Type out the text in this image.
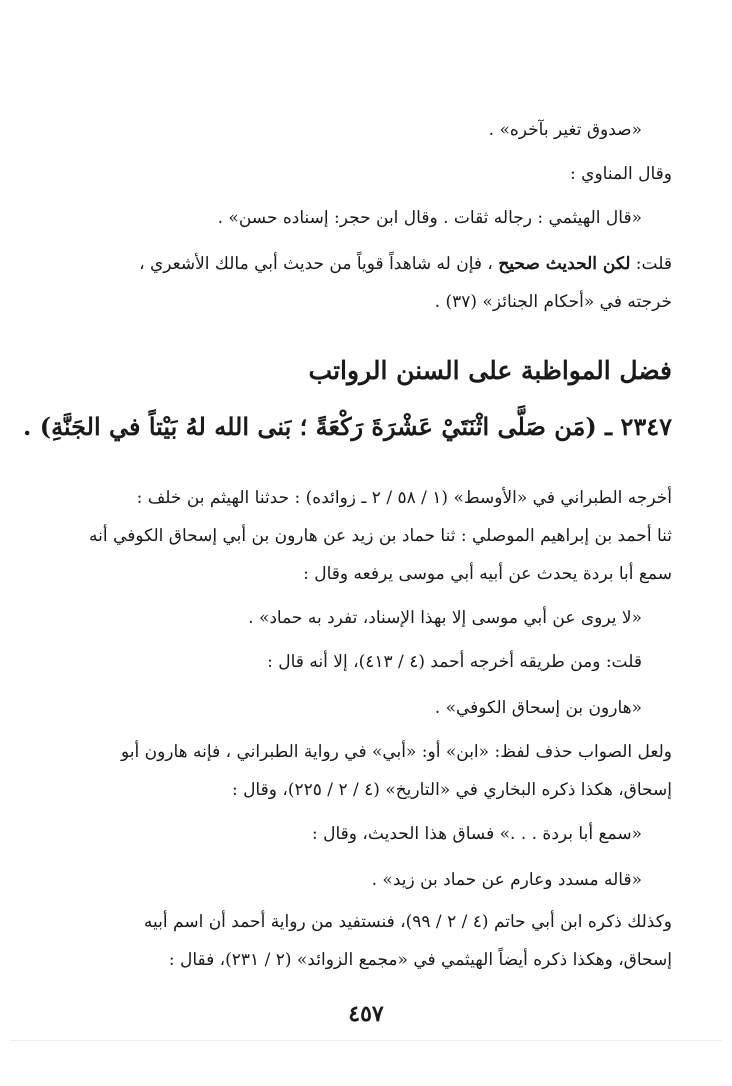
«صدوق تغير بآخره» .
وقال المناوي :
«قال الهيثمي : رجاله ثقات . وقال ابن حجر: إسناده حسن» .
قلت: لكن الحديث صحيح ، فإن له شاهداً قوياً من حديث أبي مالك الأشعري ،
خرجته في «أحكام الجنائز» (٣٧) .
فضل المواظبة على السنن الرواتب
٢٣٤٧ ـ (مَن صَلَّى اثْنَتَيْ عَشْرَةَ رَكْعَةً ؛ بَنى الله لهُ بَيْتاً في الجَنَّةِ) .
أخرجه الطبراني في «الأوسط» (١ / ٥٨ / ٢ ـ زوائده) : حدثنا الهيثم بن خلف :
ثنا أحمد بن إبراهيم الموصلي : ثنا حماد بن زيد عن هارون بن أبي إسحاق الكوفي أنه
سمع أبا بردة يحدث عن أبيه أبي موسى يرفعه وقال :
«لا يروى عن أبي موسى إلا بهذا الإسناد، تفرد به حماد» .
قلت: ومن طريقه أخرجه أحمد (٤ / ٤١٣)، إلا أنه قال :
«هارون بن إسحاق الكوفي» .
ولعل الصواب حذف لفظ: «ابن» أو: «أبي» في رواية الطبراني ، فإنه هارون أبو
إسحاق، هكذا ذكره البخاري في «التاريخ» (٤ / ٢ / ٢٢٥)، وقال :
«سمع أبا بردة . . .» فساق هذا الحديث، وقال :
«قاله مسدد وعارم عن حماد بن زيد» .
وكذلك ذكره ابن أبي حاتم (٤ / ٢ / ٩٩)، فنستفيد من رواية أحمد أن اسم أبيه
إسحاق، وهكذا ذكره أيضاً الهيثمي في «مجمع الزوائد» (٢ / ٢٣١)، فقال :
٤٥٧
